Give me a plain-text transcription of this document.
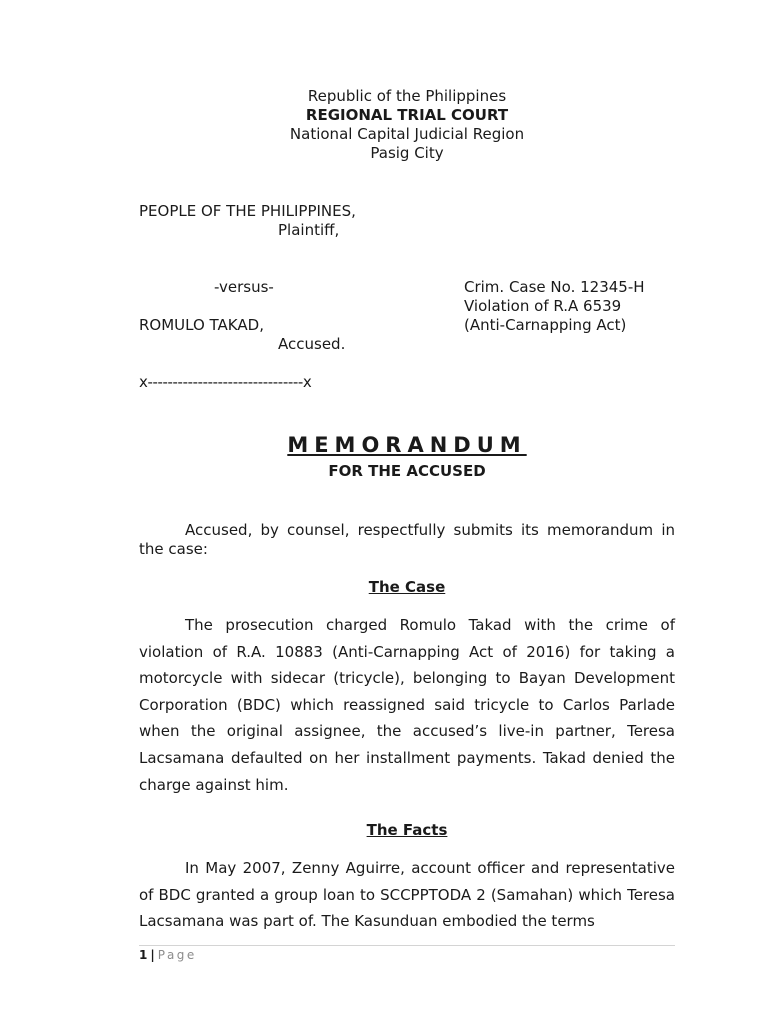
Republic of the Philippines
REGIONAL TRIAL COURT
National Capital Judicial Region
Pasig City
PEOPLE OF THE PHILIPPINES,
Plaintiff,
-versus-	Crim. Case No. 12345-H
Violation of R.A 6539
ROMULO TAKAD,	(Anti-Carnapping Act)
Accused.
x-------------------------------x
MEMORANDUM
FOR THE ACCUSED
Accused, by counsel, respectfully submits its memorandum in the case:
The Case
The prosecution charged Romulo Takad with the crime of violation of R.A. 10883 (Anti-Carnapping Act of 2016) for taking a motorcycle with sidecar (tricycle), belonging to Bayan Development Corporation (BDC) which reassigned said tricycle to Carlos Parlade when the original assignee, the accused’s live-in partner, Teresa Lacsamana defaulted on her installment payments. Takad denied the charge against him.
The Facts
In May 2007, Zenny Aguirre, account officer and representative of BDC granted a group loan to SCCPPTODA 2 (Samahan) which Teresa Lacsamana was part of. The Kasunduan embodied the terms
1 | Page
